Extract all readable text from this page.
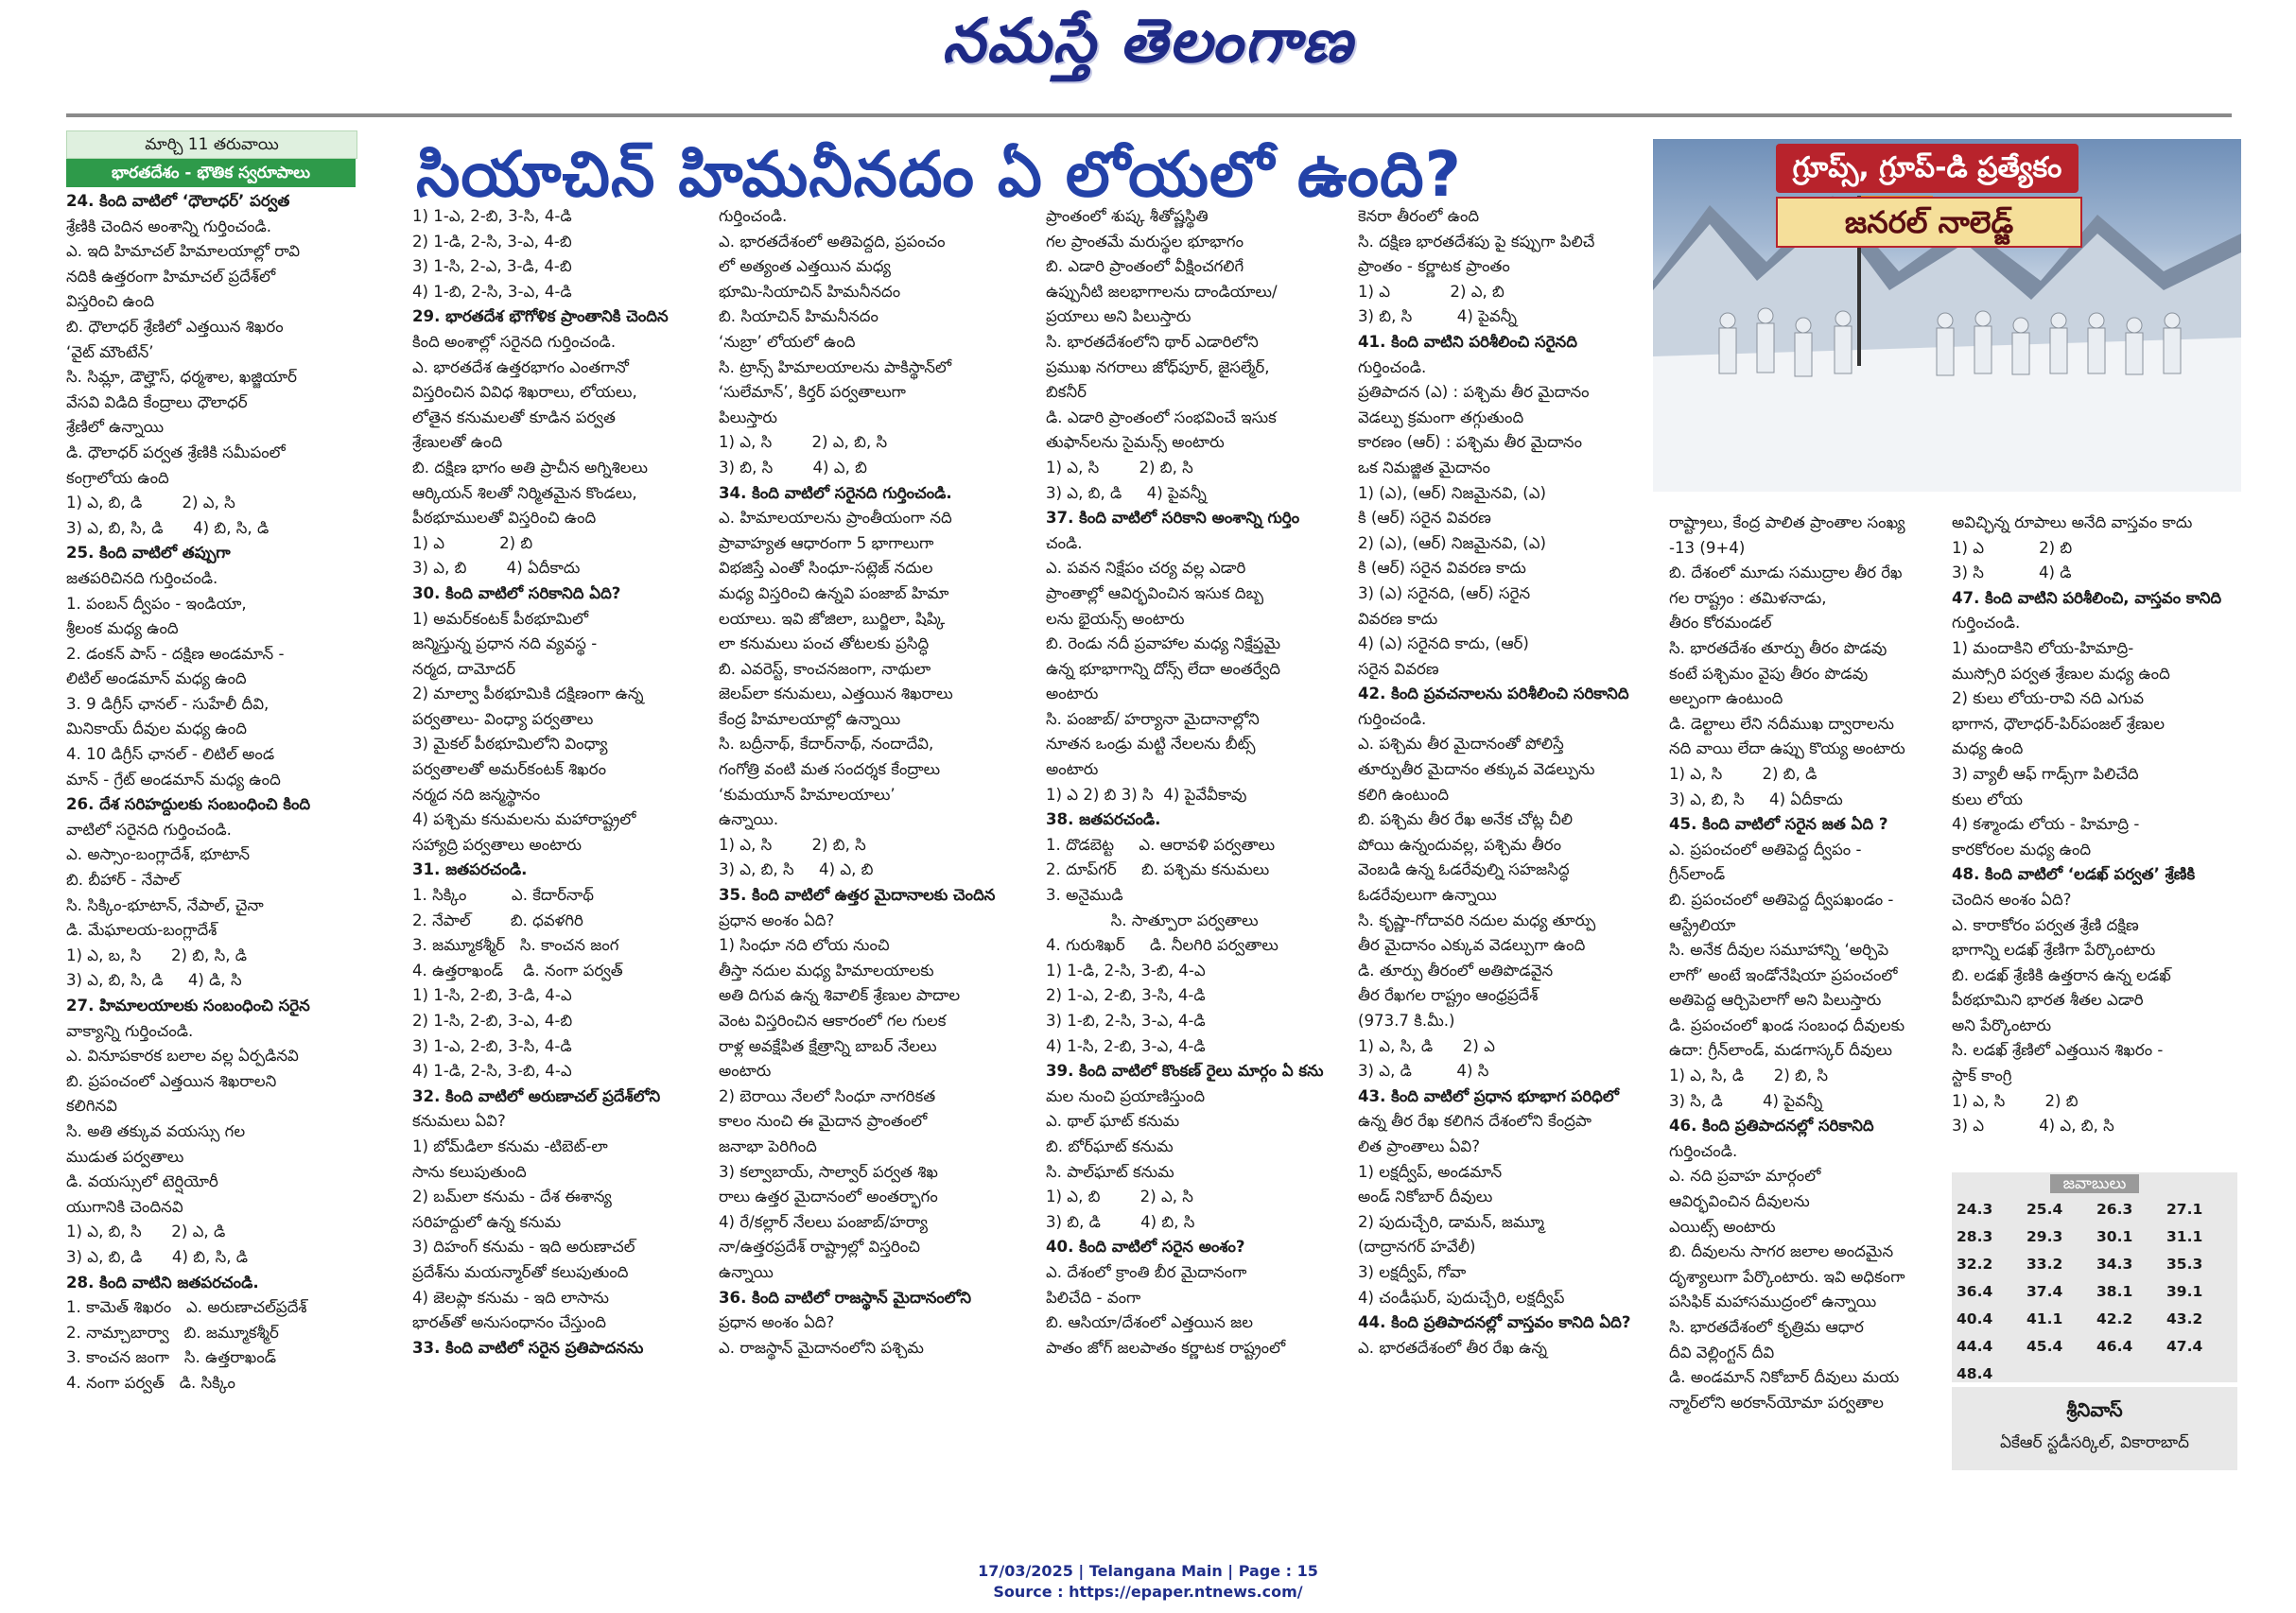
నమస్తే తెలంగాణ
మార్చి 11 తరువాయి
భారతదేశం - భౌతిక స్వరూపాలు	సియాచిన్ హిమనీనదం ఏ లోయలో ఉంది?	గ్రూప్స్, గ్రూప్-డి ప్రత్యేకం
జనరల్ నాలెడ్జ్

24. కింది వాటిలో ‘ధౌలాధర్’ పర్వత

శ్రేణికి చెందిన అంశాన్ని గుర్తించండి.

ఎ. ఇది హిమాచల్ హిమాలయాల్లో రావి

నదికి ఉత్తరంగా హిమాచల్ ప్రదేశ్‌లో

విస్తరించి ఉంది

బి. ధౌలాధర్ శ్రేణిలో ఎత్తయిన శిఖరం

‘వైట్ మౌంటేన్’

సి. సిమ్లా, డౌల్హౌస్, ధర్మశాల, ఖజ్జియార్

వేసవి విడిది కేంద్రాలు ధౌలాధర్

శ్రేణిలో ఉన్నాయి

డి. ధౌలాధర్ పర్వత శ్రేణికి సమీపంలో

కంగ్రాలోయ ఉంది

1) ఎ, బి, డి        2) ఎ, సి

3) ఎ, బి, సి, డి      4) బి, సి, డి

25. కింది వాటిలో తప్పుగా

జతపరిచిన‌ది గుర్తించండి.

1. పంబన్ ద్వీపం - ఇండియా,

శ్రీలంక మధ్య ఉంది

2. డంకన్ పాస్ - దక్షిణ అండమాన్ -

లిటిల్ అండమాన్ మధ్య ఉంది

3. 9 డిగ్రీస్ ఛానల్ - సుహేలీ దీవి,

మినికాయ్ దీవుల మధ్య ఉంది

4. 10 డిగ్రీస్ ఛానల్ - లిటిల్ అండ

మాన్ - గ్రేట్ అండమాన్ మధ్య ఉంది

26. దేశ సరిహద్దులకు సంబంధించి కింది

వాటిలో సరైనది గుర్తించండి.

ఎ. అస్సాం-బంగ్లాదేశ్, భూటాన్

బి. బీహార్ - నేపాల్

సి. సిక్కిం-భూటాన్, నేపాల్, చైనా

డి. మేఘాలయ-బంగ్లాదేశ్

1) ఎ, బ, సి      2) బి, సి, డి

3) ఎ, బి, సి, డి     4) డి, సి

27. హిమాలయాలకు సంబంధించి సరైన

వాక్యాన్ని గుర్తించండి.

ఎ. వినూపకారక బలాల వల్ల ఏర్పడినవి

బి. ప్రపంచంలో ఎత్తయిన శిఖరాలని

కలిగినవి

సి. అతి తక్కువ వయస్సు గల

ముడుత పర్వతాలు

డి. వయస్సులో టెర్షియోరీ

యుగానికి చెందినవి

1) ఎ, బి, సి      2) ఎ, డి

3) ఎ, బి, డి      4) బి, సి, డి

28. కింది వాటిని జతపరచండి.

1. కామెత్ శిఖరం   ఎ. అరుణాచల్‌ప్రదేశ్

2. నామ్చాబార్వా   బి. జమ్మూకశ్మీర్

3. కాంచన జంగా   సి. ఉత్తరాఖండ్

4. నంగా పర్వత్   డి. సిక్కిం

1) 1-ఎ, 2-బి, 3-సి, 4-డి

2) 1-డి, 2-సి, 3-ఎ, 4-బి

3) 1-సి, 2-ఎ, 3-డి, 4-బి

4) 1-బి, 2-సి, 3-ఎ, 4-డి

29. భారతదేశ భౌగోళిక ప్రాంతానికి చెందిన

కింది అంశాల్లో సరైనది గుర్తించండి.

ఎ. భారతదేశ ఉత్తరభాగం ఎంతగానో

విస్తరించిన వివిధ శిఖరాలు, లోయలు,

లోతైన కనుమలతో కూడిన పర్వత

శ్రేణులతో ఉంది

బి. దక్షిణ భాగం అతి ప్రాచీన అగ్నిశిలలు

ఆర్కియన్ శిలతో నిర్మితమైన కొండలు,

పీఠభూములతో విస్తరించి ఉంది

1) ఎ           2) బి

3) ఎ, బి        4) ఏదీకాదు

30. కింది వాటిలో సరికానిది ఏది?

1) అమర్‌కంటక్ పీఠభూమిలో

జన్మిస్తున్న ప్రధాన నది వ్యవస్థ -

నర్మద, దామోదర్

2) మాల్వా పీఠభూమికి దక్షిణంగా ఉన్న

పర్వతాలు- వింధ్యా పర్వతాలు

3) మైకల్ పీఠభూమిలోని వింధ్యా

పర్వతాలతో అమర్‌కంటక్ శిఖరం

నర్మద నది జన్మస్థానం

4) పశ్చిమ కనుమలను మహారాష్ట్రలో

సహ్యాద్రి పర్వతాలు అంటారు

31. జతపరచండి.

1. సిక్కిం         ఎ. కేదార్‌నాథ్

2. నేపాల్        బి. ధవళగిరి

3. జమ్మూకశ్మీర్   సి. కాంచన జంగ

4. ఉత్తరాఖండ్    డి. నంగా పర్వత్

1) 1-సి, 2-బి, 3-డి, 4-ఎ

2) 1-సి, 2-బి, 3-ఎ, 4-బి

3) 1-ఎ, 2-బి, 3-సి, 4-డి

4) 1-డి, 2-సి, 3-బి, 4-ఎ

32. కింది వాటిలో అరుణాచల్ ప్రదేశ్‌లోని

కనుమలు ఏవి?

1) బోమ్‌డిలా కనుమ -టిబెట్-లా

సాను కలుపుతుంది

2) బమ్‌లా కనుమ - దేశ ఈశాన్య

సరిహద్దులో ఉన్న కనుమ

3) దిహంగ్ కనుమ - ఇది అరుణాచల్

ప్రదేశ్‌ను మయన్మార్‌తో కలుపుతుంది

4) జెలప్లా కనుమ - ఇది లాసాను

భారత్‌తో అనుసంధానం చేస్తుంది

33. కింది వాటిలో సరైన ప్రతిపాదనను

గుర్తించండి.

ఎ. భారతదేశంలో అతిపెద్దది, ప్రపంచం

లో అత్యంత ఎత్తయిన మధ్య

భూమి-సియాచిన్ హిమనీనదం

బి. సియాచిన్ హిమనీనదం

‘నుబ్రా’ లోయలో ఉంది

సి. ట్రాన్స్ హిమాలయాలను పాకిస్థాన్‌లో

‘సులేమాన్’, కిర్తర్ పర్వతాలుగా

పిలుస్తారు

1) ఎ, సి        2) ఎ, బి, సి

3) బి, సి        4) ఎ, బి

34. కింది వాటిలో సరైనది గుర్తించండి.

ఎ. హిమాలయాలను ప్రాంతీయంగా నది

ప్రావాహ్యత ఆధారంగా 5 భాగాలుగా

విభజిస్తే ఎంతో సింధూ-సట్లెజ్ నదుల

మధ్య విస్తరించి ఉన్నవి పంజాబ్ హిమా

లయాలు. ఇవి జోజిలా, బుర్జిలా, షిప్కి

లా కనుమలు పంచ తోటలకు ప్రసిద్ధి

బి. ఎవరెస్ట్, కాంచనజంగా, నాథులా

జెలప్‌లా కనుమలు, ఎత్తయిన శిఖరాలు

కేంద్ర హిమాలయాల్లో ఉన్నాయి

సి. బద్రీనాథ్, కేదార్‌నాథ్, నందాదేవి,

గంగోత్రి వంటి మత సందర్శక కేంద్రాలు

‘కుమయూన్ హిమాలయాలు’

ఉన్నాయి.

1) ఎ, సి        2) బి, సి

3) ఎ, బి, సి     4) ఎ, బి

35. కింది వాటిలో ఉత్తర మైదానాలకు చెందిన

ప్రధాన అంశం ఏది?

1) సింధూ నది లోయ నుంచి

తీస్తా నదుల మధ్య హిమాలయాలకు

అతి దిగువ ఉన్న శివాలిక్ శ్రేణుల పాదాల

వెంట విస్తరించిన ఆకారంలో గల గులక

రాళ్ల అవక్షేపిత క్షేత్రాన్ని బాబర్ నేలలు

అంటారు

2) బెరాయి నేలలో సింధూ నాగరికత

కాలం నుంచి ఈ మైదాన ప్రాంతంలో

జనాభా పెరిగింది

3) కల్వాబాయ్, సాల్వార్ పర్వత శిఖ

రాలు ఉత్తర మైదానంలో అంతర్భాగం

4) రే/కల్లార్ నేలలు పంజాబ్/హర్యా

నా/ఉత్తరప్రదేశ్ రాష్ట్రాల్లో విస్తరించి

ఉన్నాయి

36. కింది వాటిలో రాజస్థాన్ మైదానంలోని

ప్రధాన అంశం ఏది?

ఎ. రాజస్థాన్ మైదానంలోని పశ్చిమ

ప్రాంతంలో శుష్క శీతోష్ణస్థితి

గల ప్రాంతమే మరుస్థల భూభాగం

బి. ఎడారి ప్రాంతంలో వీక్షించగలిగే

ఉప్పునీటి జలభాగాలను దాండియాలు/

ప్రయాలు అని పిలుస్తారు

సి. భారతదేశంలోని థార్ ఎడారిలోని

ప్రముఖ నగరాలు జోధ్‌పూర్, జైసల్మేర్,

బికనీర్

డి. ఎడారి ప్రాంతంలో సంభవించే ఇసుక

తుఫాన్‌లను సైమన్స్ అంటారు

1) ఎ, సి        2) బి, సి

3) ఎ, బి, డి     4) పైవన్నీ

37. కింది వాటిలో సరికాని అంశాన్ని గుర్తిం

చండి.

ఎ. పవన నిక్షేపం చర్య వల్ల ఎడారి

ప్రాంతాల్లో ఆవిర్భవించిన ఇసుక దిబ్బ

లను భైయన్స్ అంటారు

బి. రెండు నదీ ప్రవాహాల మధ్య నిక్షేప్తమై

ఉన్న భూభాగాన్ని దోన్స్ లేదా అంతర్వేది

అంటారు

సి. పంజాబ్/ హర్యానా మైదానాల్లోని

నూతన ఒండ్రు మట్టి నేలలను బీట్స్

అంటారు

1) ఎ 2) బి 3) సి  4) పైవేవీకావు

38. జతపరచండి.

1. దొడబెట్ట     ఎ. ఆరావళి పర్వతాలు

2. దూప్‌గర్     బి. పశ్చిమ కనుమలు

3. అనైముడి

సి. సాత్పూరా పర్వతాలు

4. గురుశిఖర్     డి. నీలగిరి పర్వతాలు

1) 1-డి, 2-సి, 3-బి, 4-ఎ

2) 1-ఎ, 2-బి, 3-సి, 4-డి

3) 1-బి, 2-సి, 3-ఎ, 4-డి

4) 1-సి, 2-బి, 3-ఎ, 4-డి

39. కింది వాటిలో కొంకణ్ రైలు మార్గం ఏ కను

మల నుంచి ప్రయాణిస్తుంది

ఎ. థాల్ ఘాట్ కనుమ

బి. బోర్‌ఘాట్ కనుమ

సి. పాల్‌ఘాట్ కనుమ

1) ఎ, బి        2) ఎ, సి

3) బి, డి        4) బి, సి

40. కింది వాటిలో సరైన అంశం?

ఎ. దేశంలో క్రాంతి బీర మైదానంగా

పిలిచేది - వంగా

బి. ఆసియా/దేశంలో ఎత్తయిన జల

పాతం జోగ్ జలపాతం కర్ణాటక రాష్ట్రంలో

కెనరా తీరంలో ఉంది

సి. దక్షిణ భారతదేశపు పై కప్పుగా పిలిచే

ప్రాంతం - కర్ణాటక ప్రాంతం

1) ఎ            2) ఎ, బి

3) బి, సి         4) పైవన్నీ

41. కింది వాటిని పరిశీలించి సరైనది

గుర్తించండి.

ప్రతిపాదన (ఎ) : పశ్చిమ తీర మైదానం

వెడల్పు క్రమంగా తగ్గుతుంది

కారణం (ఆర్) : పశ్చిమ తీర మైదానం

ఒక నిమజ్జిత మైదానం

1) (ఎ), (ఆర్) నిజమైనవి, (ఎ)

కి (ఆర్) సరైన వివరణ

2) (ఎ), (ఆర్) నిజమైనవి, (ఎ)

కి (ఆర్) సరైన వివరణ కాదు

3) (ఎ) సరైనది, (ఆర్) సరైన

వివరణ కాదు

4) (ఎ) సరైనది కాదు, (ఆర్)

సరైన వివరణ

42. కింది ప్రవచనాలను పరిశీలించి సరికానిది

గుర్తించండి.

ఎ. పశ్చిమ తీర మైదానంతో పోలిస్తే

తూర్పుతీర మైదానం తక్కువ వెడల్పును

కలిగి ఉంటుంది

బి. పశ్చిమ తీర రేఖ అనేక చోట్ల చీలి

పోయి ఉన్నందువల్ల, పశ్చిమ తీరం

వెంబడి ఉన్న ఓడరేవుల్ని సహజసిద్ధ

ఓడరేవులుగా ఉన్నాయి

సి. కృష్ణా-గోదావరి నదుల మధ్య తూర్పు

తీర మైదానం ఎక్కువ వెడల్పుగా ఉంది

డి. తూర్పు తీరంలో అతిపొడవైన

తీర రేఖగల రాష్ట్రం ఆంధ్రప్రదేశ్

(973.7 కి.మీ.)

1) ఎ, సి, డి      2) ఎ

3) ఎ, డి         4) సి

43. కింది వాటిలో ప్రధాన భూభాగ పరిధిలో

ఉన్న తీర రేఖ కలిగిన దేశంలోని కేంద్రపా

లిత ప్రాంతాలు ఏవి?

1) లక్షద్వీప్, అండమాన్

అండ్ నికోబార్ దీవులు

2) పుదుచ్చేరి, డామన్, జమ్మూ

(దాద్రానగర్ హవేలీ)

3) లక్షద్వీప్, గోవా

4) చండీఘర్, పుదుచ్చేరి, లక్షద్వీప్

44. కింది ప్రతిపాదనల్లో వాస్తవం కానిది ఏది?

ఎ. భారతదేశంలో తీర రేఖ ఉన్న

రాష్ట్రాలు, కేంద్ర పాలిత ప్రాంతాల సంఖ్య

-13 (9+4)

బి. దేశంలో మూడు సముద్రాల తీర రేఖ

గల రాష్ట్రం : తమిళనాడు,

తీరం కోరమండల్

సి. భారతదేశం తూర్పు తీరం పొడవు

కంటే పశ్చిమం వైపు తీరం పొడవు

అల్పంగా ఉంటుంది

డి. డెల్టాలు లేని నదీముఖ ద్వారాలను

నది వాయి లేదా ఉప్పు కొయ్య అంటారు

1) ఎ, సి        2) బి, డి

3) ఎ, బి, సి     4) ఏదీకాదు

45. కింది వాటిలో సరైన జత ఏది ?

ఎ. ప్రపంచంలో అతిపెద్ద ద్వీపం -

గ్రీన్‌లాండ్

బి. ప్రపంచంలో అతిపెద్ద ద్వీపఖండం -

ఆస్ట్రేలియా

సి. అనేక దీవుల సమూహాన్ని ‘అర్చిపె

లాగో’ అంటే ఇండోనేషియా ప్రపంచంలో

అతిపెద్ద ఆర్చిపెలాగో అని పిలుస్తారు

డి. ప్రపంచంలో ఖండ సంబంధ దీవులకు

ఉదా: గ్రీన్‌లాండ్, మడగాస్కర్ దీవులు

1) ఎ, సి, డి      2) బి, సి

3) సి, డి        4) పైవన్నీ

46. కింది ప్రతిపాదనల్లో సరికానిది

గుర్తించండి.

ఎ. నది ప్రవాహ మార్గంలో

ఆవిర్భవించిన దీవులను

ఎయిట్స్ అంటారు

బి. దీవులను సాగర జలాల అందమైన

దృశ్యాలుగా పేర్కొంటారు. ఇవి అధికంగా

పసిఫిక్ మహాసముద్రంలో ఉన్నాయి

సి. భారతదేశంలో కృత్రిమ ఆధార

దీవి వెల్లింగ్టన్ దీవి

డి. అండమాన్ నికోబార్ దీవులు మయ

న్మార్‌లోని అరకాన్‌యోమా పర్వతాల

అవిచ్ఛిన్న రూపాలు అనేది వాస్తవం కాదు

1) ఎ           2) బి

3) సి           4) డి

47. కింది వాటిని పరిశీలించి, వాస్తవం కానిది

గుర్తించండి.

1) మందాకిని లోయ-హిమాద్రి-

ముస్సోరి పర్వత శ్రేణుల మధ్య ఉంది

2) కులు లోయ-రావి నది ఎగువ

భాగాన, ధౌలాధర్-పిర్‌పంజల్ శ్రేణుల

మధ్య ఉంది

3) వ్యాలీ ఆఫ్ గాడ్స్‌గా పిలిచేది

కులు లోయ

4) కశ్మాండు లోయ - హిమాద్రి -

కారకోరంల మధ్య ఉంది

48. కింది వాటిలో ‘లడఖ్ పర్వత’ శ్రేణికి

చెందిన అంశం ఏది?

ఎ. కారాకోరం పర్వత శ్రేణి దక్షిణ

భాగాన్ని లడఖ్ శ్రేణిగా పేర్కొంటారు

బి. లడఖ్ శ్రేణికి ఉత్తరాన ఉన్న లడఖ్

పీఠభూమిని భారత శీతల ఎడారి

అని పేర్కొంటారు

సి. లడఖ్ శ్రేణిలో ఎత్తయిన శిఖరం -

స్టాక్ కాంగ్రి

1) ఎ, సి        2) బి

3) ఎ           4) ఎ, బి, సి

జవాబులు
24.3	25.4	26.3	27.1
28.3	29.3	30.1	31.1
32.2	33.2	34.3	35.3
36.4	37.4	38.1	39.1
40.4	41.1	42.2	43.2
44.4	45.4	46.4	47.4
48.4			
శ్రీనివాస్
ఏకేఆర్ స్టడీసర్కిల్, వికారాబాద్
17/03/2025 | Telangana Main | Page : 15
Source : https://epaper.ntnews.com/
